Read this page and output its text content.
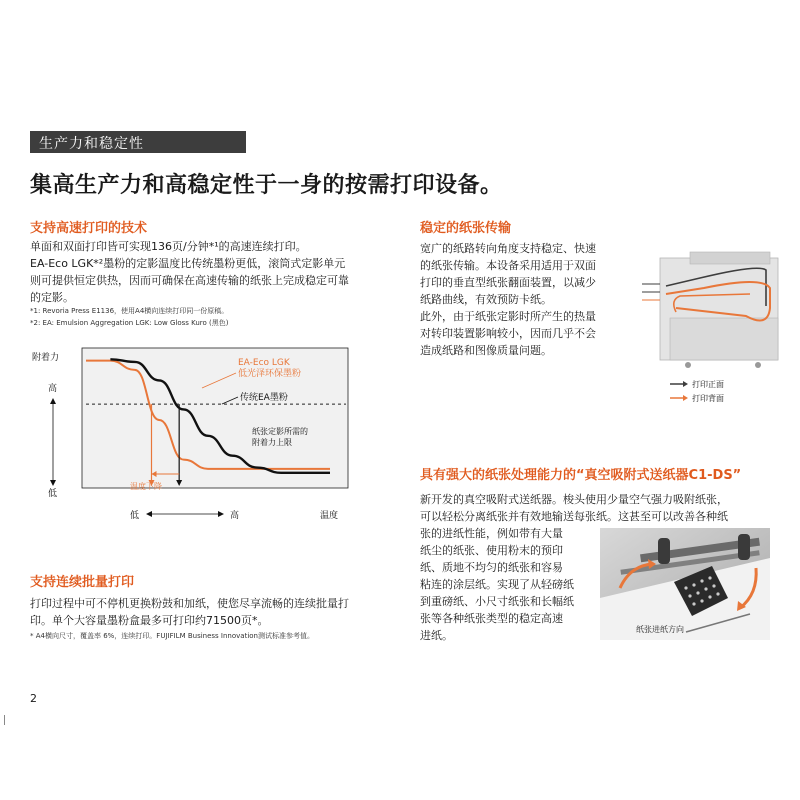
生产力和稳定性
集高生产力和高稳定性于一身的按需打印设备。
支持高速打印的技术
单面和双面打印皆可实现136页/分钟*¹的高速连续打印。
EA-Eco LGK*²墨粉的定影温度比传统墨粉更低，滚筒式定影单元
则可提供恒定供热，因而可确保在高速传输的纸张上完成稳定可靠
的定影。
*1: Revoria Press E1136，使用A4横向连续打印同一份原稿。
*2: EA: Emulsion Aggregation LGK: Low Gloss Kuro (黑色)
附着力
高
低
低	高	温度
EA-Eco LGK
低光泽环保墨粉
传统EA墨粉
纸张定影所需的
附着力上限
温度下降
支持连续批量打印
打印过程中可不停机更换粉鼓和加纸，使您尽享流畅的连续批量打
印。单个大容量墨粉盒最多可打印约71500页*。
* A4横向尺寸，覆盖率 6%，连续打印。FUJIFILM Business Innovation测试标准参考值。
稳定的纸张传输
宽广的纸路转向角度支持稳定、快速
的纸张传输。本设备采用适用于双面
打印的垂直型纸张翻面装置，以减少
纸路曲线，有效预防卡纸。
此外，由于纸张定影时所产生的热量
对转印装置影响较小，因而几乎不会
造成纸路和图像质量问题。
打印正面
打印背面
具有强大的纸张处理能力的“真空吸附式送纸器C1-DS”
新开发的真空吸附式送纸器。梭头使用少量空气强力吸附纸张，
可以轻松分离纸张并有效地输送每张纸。这甚至可以改善各种纸
张的进纸性能，例如带有大量
纸尘的纸张、使用粉末的预印
纸、质地不均匀的纸张和容易
粘连的涂层纸。实现了从轻磅纸
到重磅纸、小尺寸纸张和长幅纸
张等各种纸张类型的稳定高速
进纸。	纸张进纸方向
2
